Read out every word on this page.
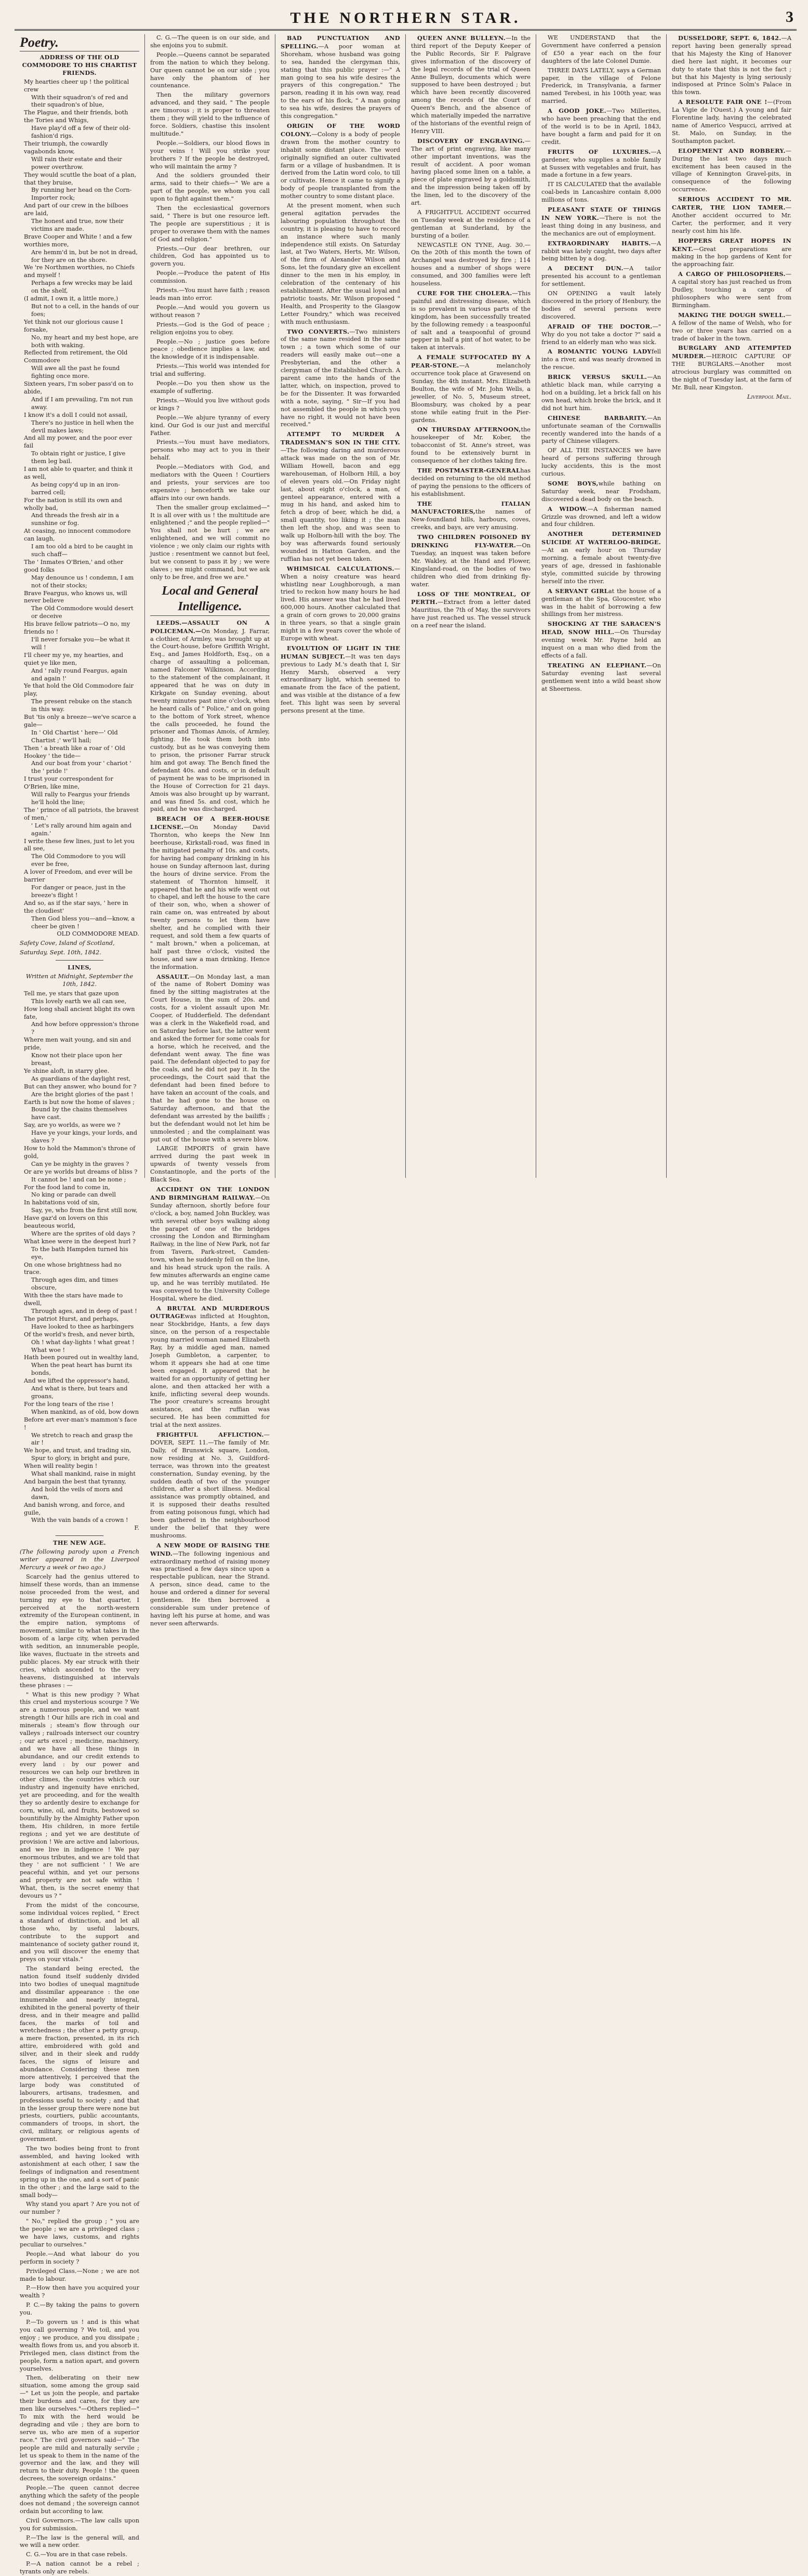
THE NORTHERN STAR.	3
Poetry.

ADDRESS OF THE OLD COMMODORE TO HIS CHARTIST FRIENDS.

My hearties cheer up ! the political crew
With their squadron's of red and their squadron's of blue,
The Plague, and their friends, both the Tories and Whigs,
Have play'd off a few of their old-fashion'd rigs.
Their triumph, the cowardly vagabonds know,
Will rain their estate and their power overthrow.
They would scuttle the boat of a plan, that they bruise,
By running her head on the Corn-Importer rock;
And part of our crew in the bilboes are laid,
The honest and true, now their victims are made.
Brave Cooper and White ! and a few worthies more,
Are hemm'd in, but be not in dread, for they are on the shore.
We 're Northmen worthies, no Chiefs and myself !
Perhaps a few wrecks may be laid on the shelf,
(I admit, I own it, a little more,)
But not to a cell, in the hands of our foes;
Yet think not our glorious cause I forsake,
No, my heart and my best hope, are both with waking.
Reflected from retirement, the Old Commodore
Will awe all the past he found fighting once more.
Sixteen years, I'm sober pass'd on to abide,
And if I am prevailing, I'm not run away.
I know it's a doll I could not assail,
There's no justice in hell when the devil makes laws;
And all my power, and the poor ever fail
To obtain right or justice, I give them leg bail.
I am not able to quarter, and think it as well,
As being copy'd up in an iron-barred cell;
For the nation is still its own and wholly bad,
And threads the fresh air in a sunshine or fog.
At ceasing, no innocent commodore can laugh,
I am too old a bird to be caught in such chaff—
The ' Inmates O'Brien,' and other good folks
May denounce us ! condemn, I am not of their stocks;
Brave Feargus, who knows us, will never believe
The Old Commodore would desert or deceive
His brave fellow patriots—O no, my friends no !
I'll never forsake you—be what it will !
I'll cheer my ye, my hearties, and quiet ye like men,
And ' rally round Feargus, again and again !'
Ye that hold the Old Commodore fair play,
The present rebuke on the stanch in this way.
But 'tis only a breeze—we've scarce a gale—
In ' Old Chartist ' here—' Old Chartist ;' we'll hail;
Then ' a breath like a roar of ' Old Hookey ' the tide—
And our boat from your ' chariot ' the ' pride !'
I trust your correspondent for O'Brien, like mine,
Will rally to Feargus your friends he'll hold the line;
The ' prince of all patriots, the bravest of men,'
' Let's rally around him again and again.'
I write these few lines, just to let you all see,
The Old Commodore to you will ever be free,
A lover of Freedom, and ever will be barrier
For danger or peace, just in the breeze's flight !
And so, as if the star says, ' here in the cloudiest'
Then God bless you—and—know, a cheer be given !

OLD COMMODORE MEAD.

Safety Cove, Island of Scotland,

Saturday, Sept. 10th, 1842.

LINES,

Written at Midnight, September the 10th, 1842.

Tell me, ye stars that gaze upon
This lovely earth we all can see,
How long shall ancient blight its own fate,
And how before oppression's throne ?
Where men wait young, and sin and pride,
Know not their place upon her breast,
Ye shine aloft, in starry glee.
As guardians of the daylight rest,
But can they answer, who bound for ?
Are the bright glories of the past !
Earth is but now the home of slaves ;
Bound by the chains themselves have cast.
Say, are yo worlds, as were we ?
Have ye your kings, your lords, and slaves ?
How to hold the Mammon's throne of gold,
Can ye be mighty in the graves ?
Or are ye worlds but dreams of bliss ?
It cannot be ! and can be none ;
For the food land to come in,
No king or parade can dwell
In habitations void of sin,
Say, ye, who from the first still now,
Have gaz'd on lovers on this beauteous world,
Where are the sprites of old days ?
What knee were in the deepest hurl ?
To the bath Hampden turned his eye,
On one whose brightness had no trace.
Through ages dim, and times obscure,
With thee the stars have made to dwell,
Through ages, and in deep of past !
The patriot Hurst, and perhaps,
Have looked to thee as harbingers
Of the world's fresh, and never birth,
Oh ! what day-lights ! what great ! What woe !
Hath been poured out in wealthy land,
When the peat heart has burnt its bonds,
And we lifted the oppressor's hand,
And what is there, but tears and groans,
For the long tears of the rise !
When mankind, as of old, bow down
Before art ever-man's mammon's face !
We stretch to reach and grasp the air !
We hope, and trust, and trading sin,
Spur to glory, in bright and pure,
When will reality begin !
What shall mankind, raise in might
And bargain the best that tyranny,
And hold the veils of morn and dawn,
And banish wrong, and force, and guile,
With the vain bands of a crown !

F.

THE NEW AGE.

(The following parody upon a French writer appeared in the Liverpool Mercury a week or two ago.)

Scarcely had the genius uttered to himself these words, than an immense noise proceeded from the west, and turning my eye to that quarter, I perceived at the north-western extremity of the European continent, in the empire nation, symptoms of movement, similar to what takes in the bosom of a large city, when pervaded with sedition, an innumerable people, like waves, fluctuate in the streets and public places. My ear struck with their cries, which ascended to the very heavens, distinguished at intervals these phrases : —

" What is this new prodigy ? What this cruel and mysterious scourge ? We are a numerous people, and we want strength ! Our hills are rich in coal and minerals ; steam's flow through our valleys ; railroads intersect our country ; our arts excel ; medicine, machinery, and we have all these things in abundance, and our credit extends to every land : by our power and resources we can help our brethren in other climes, the countries which our industry and ingenuity have enriched, yet are proceeding, and for the wealth they so ardently desire to exchange for corn, wine, oil, and fruits, bestowed so bountifully by the Almighty Father upon them, His children, in more fertile regions ; and yet we are destitute of provision ! We are active and laborious, and we live in indigence ! We pay enormous tributes, and we are told that they ' are not sufficient ' ! We are peaceful within, and yet our persons and property are not safe within ! What, then, is the secret enemy that devours us ? "

From the midst of the concourse, some individual voices replied, " Erect a standard of distinction, and let all those who, by useful labours, contribute to the support and maintenance of society gather round it, and you will discover the enemy that preys on your vitals."

The standard being erected, the nation found itself suddenly divided into two bodies of unequal magnitude and dissimilar appearance : the one innumerable and nearly integral, exhibited in the general poverty of their dress, and in their meagre and pallid faces, the marks of toil and wretchedness ; the other a petty group, a mere fraction, presented, in its rich attire, embroidered with gold and silver, and in their sleek and ruddy faces, the signs of leisure and abundance. Considering these men more attentively, I perceived that the large body was constituted of labourers, artisans, tradesmen, and professions useful to society ; and that in the lesser group there were none but priests, courtiers, public accountants, commanders of troops, in short, the civil, military, or religious agents of government.

The two bodies being front to front assembled, and having looked with astonishment at each other, I saw the feelings of indignation and resentment spring up in the one, and a sort of panic in the other ; and the large said to the small body—

Why stand you apart ? Are you not of our number ?

" No," replied the group ; " you are the people ; we are a privileged class ; we have laws, customs, and rights peculiar to ourselves."

People.—And what labour do you perform in society ?

Privileged Class.—None ; we are not made to labour.

P.—How then have you acquired your wealth ?

P. C.—By taking the pains to govern you.

P.—To govern us ! and is this what you call governing ? We toil, and you enjoy ; we produce, and you dissipate ; wealth flows from us, and you absorb it. Privileged men, class distinct from the people, form a nation apart, and govern yourselves.

Then, deliberating on their new situation, some among the group said—" Let us join the people, and partake their burdens and cares, for they are men like ourselves."—Others replied—" To mix with the herd would be degrading and vile ; they are born to serve us, who are men of a superior race." The civil governors said—" The people are mild and naturally servile ; let us speak to them in the name of the governor and the law, and they will return to their duty. People ! the queen decrees, the sovereign ordains."

People.—The queen cannot decree anything which the safety of the people does not demand ; the sovereign cannot ordain but according to law.

Civil Governors.—The law calls upon you for submission.

P.—The law is the general will, and we will a new order.

C. G.—You are in that case rebels.

P.—A nation cannot be a rebel ; tyrants only are rebels.

C. G.—The queen is on our side, and she enjoins you to submit.

People.—Queens cannot be separated from the nation to which they belong. Our queen cannot be on our side ; you have only the phantom of her countenance.

Then the military governors advanced, and they said, " The people are timorous ; it is proper to threaten them ; they will yield to the influence of force. Soldiers, chastise this insolent multitude."

People.—Soldiers, our blood flows in your veins ! Will you strike your brothers ? If the people be destroyed, who will maintain the army ?

And the soldiers grounded their arms, said to their chiefs—" We are a part of the people, we whom you call upon to fight against them."

Then the ecclesiastical governors said, " There is but one resource left. The people are superstitious ; it is proper to overawe them with the names of God and religion."

Priests.—Our dear brethren, our children, God has appointed us to govern you.

People.—Produce the patent of His commission.

Priests.—You must have faith ; reason leads man into error.

People.—And would you govern us without reason ?

Priests.—God is the God of peace ; religion enjoins you to obey.

People.—No ; justice goes before peace ; obedience implies a law, and the knowledge of it is indispensable.

Priests.—This world was intended for trial and suffering.

People.—Do you then show us the example of suffering.

Priests.—Would you live without gods or kings ?

People.—We abjure tyranny of every kind. Our God is our just and merciful Father.

Priests.—You must have mediators, persons who may act to you in their behalf.

People.—Mediators with God, and mediators with the Queen ! Courtiers and priests, your services are too expensive ; henceforth we take our affairs into our own hands.

Then the smaller group exclaimed—" It is all over with us ! the multitude are enlightened ;" and the people replied—" You shall not be hurt ; we are enlightened, and we will commit no violence ; we only claim our rights with justice : resentment we cannot but feel, but we consent to pass it by ; we were slaves ; we might command, but we ask only to be free, and free we are."

Local and General Intelligence.

LEEDS.—ASSAULT ON A POLICEMAN.—On Monday, J. Farrar, a clothier, of Armley, was brought up at the Court-house, before Griffith Wright, Esq., and James Holdforth, Esq., on a charge of assaulting a policeman, named Falconer Wilkinson. According to the statement of the complainant, it appeared that he was on duty in Kirkgate on Sunday evening, about twenty minutes past nine o'clock, when he heard calls of " Police," and on going to the bottom of York street, whence the calls proceeded, he found the prisoner and Thomas Amois, of Armley, fighting. He took them both into custody, but as he was conveying them to prison, the prisoner Farrar struck him and got away. The Bench fined the defendant 40s. and costs, or in default of payment he was to be imprisoned in the House of Correction for 21 days. Amois was also brought up by warrant, and was fined 5s. and cost, which he paid, and he was discharged.

BREACH OF A BEER-HOUSE LICENSE.—On Monday David Thornton, who keeps the New Inn beerhouse, Kirkstall-road, was fined in the mitigated penalty of 10s. and costs, for having had company drinking in his house on Sunday afternoon last, during the hours of divine service. From the statement of Thornton himself, it appeared that he and his wife went out to chapel, and left the house to the care of their son, who, when a shower of rain came on, was entreated by about twenty persons to let them have shelter, and he complied with their request, and sold them a few quarts of " malt brown," when a policeman, at half past three o'clock, visited the house, and saw a man drinking. Hence the information.

ASSAULT.—On Monday last, a man of the name of Robert Dominy was fined by the sitting magistrates at the Court House, in the sum of 20s. and costs, for a violent assault upon Mr. Cooper, of Hudderfield. The defendant was a clerk in the Wakefield road, and on Saturday before last, the latter went and asked the former for some coals for a horse, which he received, and the defendant went away. The fine was paid. The defendant objected to pay for the coals, and he did not pay it. In the proceedings, the Court said that the defendant had been fined before to have taken an account of the coals, and that he had gone to the house on Saturday afternoon, and that the defendant was arrested by the bailiffs ; but the defendant would not let him be unmolested ; and the complainant was put out of the house with a severe blow.

LARGE IMPORTS of grain have arrived during the past week in upwards of twenty vessels from Constantinople, and the ports of the Black Sea.

ACCIDENT ON THE LONDON AND BIRMINGHAM RAILWAY.—On Sunday afternoon, shortly before four o'clock, a boy, named John Buckley, was with several other boys walking along the parapet of one of the bridges crossing the London and Birmingham Railway, in the line of New Park, not far from Tavern, Park-street, Camden-town, when he suddenly fell on the line, and his head struck upon the rails. A few minutes afterwards an engine came up, and he was terribly mutilated. He was conveyed to the University College Hospital, where he died.

A BRUTAL AND MURDEROUS OUTRAGEwas inflicted at Houghton, near Stockbridge, Hants, a few days since, on the person of a respectable young married woman named Elizabeth Ray, by a middle aged man, named Joseph Gumbleton, a carpenter, to whom it appears she had at one time been engaged. It appeared that he waited for an opportunity of getting her alone, and then attacked her with a knife, inflicting several deep wounds. The poor creature's screams brought assistance, and the ruffian was secured. He has been committed for trial at the next assizes.

FRIGHTFUL AFFLICTION.—DOVER, SEPT. 11.—The family of Mr. Dally, of Brunswick square, London, now residing at No. 3, Guildford-terrace, was thrown into the greatest consternation, Sunday evening, by the sudden death of two of the younger children, after a short illness. Medical assistance was promptly obtained, and it is supposed their deaths resulted from eating poisonous fungi, which had been gathered in the neighbourhood under the belief that they were mushrooms.

A NEW MODE OF RAISING THE WIND.—The following ingenious and extraordinary method of raising money was practised a few days since upon a respectable publican, near the Strand. A person, since dead, came to the house and ordered a dinner for several gentlemen. He then borrowed a considerable sum under pretence of having left his purse at home, and was never seen afterwards.

BAD PUNCTUATION AND SPELLING.—A poor woman at Shoreham, whose husband was going to sea, handed the clergyman this, stating that this public prayer :—" A man going to sea his wife desires the prayers of this congregation." The parson, reading it in his own way, read to the ears of his flock, " A man going to sea his wife, desires the prayers of this congregation."

ORIGIN OF THE WORD COLONY.—Colony is a body of people drawn from the mother country to inhabit some distant place. The word originally signified an outer cultivated farm or a village of husbandmen. It is derived from the Latin word colo, to till or cultivate. Hence it came to signify a body of people transplanted from the mother country to some distant place.

At the present moment, when such general agitation pervades the labouring population throughout the country, it is pleasing to have to record an instance where such manly independence still exists. On Saturday last, at Two Waters, Herts, Mr. Wilson, of the firm of Alexander Wilson and Sons, let the foundary give an excellent dinner to the men in his employ, in celebration of the centenary of his establishment. After the usual loyal and patriotic toasts, Mr. Wilson proposed " Health, and Prosperity to the Glasgow Letter Foundry," which was received with much enthusiasm.

TWO CONVERTS.—Two ministers of the same name resided in the same town ; a town which some of our readers will easily make out—one a Presbyterian, and the other a clergyman of the Established Church. A parent came into the hands of the latter, which, on inspection, proved to be for the Dissenter. It was forwarded with a note, saying, " Sir—If you had not assembled the people in which you have no right, it would not have been received."

ATTEMPT TO MURDER A TRADESMAN'S SON IN THE CITY.—The following daring and murderous attack was made on the son of Mr. William Howell, bacon and egg warehouseman, of Holborn Hill, a boy of eleven years old.—On Friday night last, about eight o'clock, a man, of genteel appearance, entered with a mug in his hand, and asked him to fetch a drop of beer, which he did, a small quantity, too liking it ; the man then left the shop, and was seen to walk up Holborn-hill with the boy. The boy was afterwards found seriously wounded in Hatton Garden, and the ruffian has not yet been taken.

WHIMSICAL CALCULATIONS.—When a noisy creature was heard whistling near Loughborough, a man tried to reckon how many hours he had lived. His answer was that he had lived 600,000 hours. Another calculated that a grain of corn grows to 20,000 grains in three years, so that a single grain might in a few years cover the whole of Europe with wheat.

EVOLUTION OF LIGHT IN THE HUMAN SUBJECT.—It was ten days previous to Lady M.'s death that I, Sir Henry Marsh, observed a very extraordinary light, which seemed to emanate from the face of the patient, and was visible at the distance of a few feet. This light was seen by several persons present at the time.

QUEEN ANNE BULLEYN.—In the third report of the Deputy Keeper of the Public Records, Sir F. Palgrave gives information of the discovery of the legal records of the trial of Queen Anne Bulleyn, documents which were supposed to have been destroyed ; but which have been recently discovered among the records of the Court of Queen's Bench, and the absence of which materially impeded the narrative of the historians of the eventful reign of Henry VIII.

DISCOVERY OF ENGRAVING.—The art of print engraving, like many other important inventions, was the result of accident. A poor woman having placed some linen on a table, a piece of plate engraved by a goldsmith, and the impression being taken off by the linen, led to the discovery of the art.

A FRIGHTFUL ACCIDENT occurred on Tuesday week at the residence of a gentleman at Sunderland, by the bursting of a boiler.

NEWCASTLE ON TYNE, Aug. 30.—On the 20th of this month the town of Archangel was destroyed by fire ; 114 houses and a number of shops were consumed, and 300 families were left houseless.

CURE FOR THE CHOLERA.—This painful and distressing disease, which is so prevalent in various parts of the kingdom, has been successfully treated by the following remedy : a teaspoonful of salt and a teaspoonful of ground pepper in half a pint of hot water, to be taken at intervals.

A FEMALE SUFFOCATED BY A PEAR-STONE.—A melancholy occurrence took place at Gravesend on Sunday, the 4th instant. Mrs. Elizabeth Boulton, the wife of Mr. John Wells, a jeweller, of No. 5, Museum street, Bloomsbury, was choked by a pear stone while eating fruit in the Pier-gardens.

ON THURSDAY AFTERNOON,the housekeeper of Mr. Kober, the tobacconist of St. Anne's street, was found to be extensively burnt in consequence of her clothes taking fire.

THE POSTMASTER-GENERALhas decided on returning to the old method of paying the pensions to the officers of his establishment.

THE ITALIAN MANUFACTORIES,the names of New-foundland hills, harbours, coves, creeks, and bays, are very amusing.

TWO CHILDREN POISONED BY DRINKING FLY-WATER.—On Tuesday, an inquest was taken before Mr. Wakley, at the Hand and Flower, Kingsland-road, on the bodies of two children who died from drinking fly-water.

LOSS OF THE MONTREAL, OF PERTH.—Extract from a letter dated Mauritius, the 7th of May, the survivors have just reached us. The vessel struck on a reef near the island.

WE UNDERSTAND that the Government have conferred a pension of £50 a year each on the four daughters of the late Colonel Dumie.

THREE DAYS LATELY, says a German paper, in the village of Felone Frederick, in Transylvania, a farmer named Terebesi, in his 100th year, was married.

A GOOD JOKE.—Two Millerites, who have been preaching that the end of the world is to be in April, 1843, have bought a farm and paid for it on credit.

FRUITS OF LUXURIES.—A gardener, who supplies a noble family at Sussex with vegetables and fruit, has made a fortune in a few years.

IT IS CALCULATED that the available coal-beds in Lancashire contain 8,000 millions of tons.

PLEASANT STATE OF THINGS IN NEW YORK.—There is not the least thing doing in any business, and the mechanics are out of employment.

EXTRAORDINARY HABITS.—A rabbit was lately caught, two days after being bitten by a dog.

A DECENT DUN.—A tailor presented his account to a gentleman for settlement.

ON OPENING a vault lately discovered in the priory of Henbury, the bodies of several persons were discovered.

AFRAID OF THE DOCTOR.—" Why do you not take a doctor ?" said a friend to an elderly man who was sick.

A ROMANTIC YOUNG LADYfell into a river, and was nearly drowned in the rescue.

BRICK VERSUS SKULL.—An athletic black man, while carrying a hod on a building, let a brick fall on his own head, which broke the brick, and it did not hurt him.

CHINESE BARBARITY.—An unfortunate seaman of the Cornwallis recently wandered into the hands of a party of Chinese villagers.

OF ALL THE INSTANCES we have heard of persons suffering through lucky accidents, this is the most curious.

SOME BOYS,while bathing on Saturday week, near Frodsham, discovered a dead body on the beach.

A WIDOW.—A fisherman named Grizzle was drowned, and left a widow and four children.

ANOTHER DETERMINED SUICIDE AT WATERLOO-BRIDGE.—At an early hour on Thursday morning, a female about twenty-five years of age, dressed in fashionable style, committed suicide by throwing herself into the river.

A SERVANT GIRLat the house of a gentleman at the Spa, Gloucester, who was in the habit of borrowing a few shillings from her mistress.

SHOCKING AT THE SARACEN'S HEAD, SNOW HILL.—On Thursday evening week Mr. Payne held an inquest on a man who died from the effects of a fall.

TREATING AN ELEPHANT.—On Saturday evening last several gentlemen went into a wild beast show at Sheerness.

DUSSELDORF, SEPT. 6, 1842.—A report having been generally spread that his Majesty the King of Hanover died here last night, it becomes our duty to state that this is not the fact ; but that his Majesty is lying seriously indisposed at Prince Solm's Palace in this town.

A RESOLUTE FAIR ONE !—(From La Vigie de l'Ouest.) A young and fair Florentine lady, having the celebrated name of Americo Vespucci, arrived at St. Malo, on Sunday, in the Southampton packet.

ELOPEMENT AND ROBBERY.—During the last two days much excitement has been caused in the village of Kennington Gravel-pits, in consequence of the following occurrence.

SERIOUS ACCIDENT TO MR. CARTER, THE LION TAMER.—Another accident occurred to Mr. Carter, the performer, and it very nearly cost him his life.

HOPPERS GREAT HOPES IN KENT.—Great preparations are making in the hop gardens of Kent for the approaching fair.

A CARGO OF PHILOSOPHERS.—A capital story has just reached us from Dudley, touching a cargo of philosophers who were sent from Birmingham.

MAKING THE DOUGH SWELL.—A fellow of the name of Welsh, who for two or three years has carried on a trade of baker in the town.

BURGLARY AND ATTEMPTED MURDER.—HEROIC CAPTURE OF THE BURGLARS.—Another most atrocious burglary was committed on the night of Tuesday last, at the farm of Mr. Bull, near Kingston.

Liverpool Mail.
